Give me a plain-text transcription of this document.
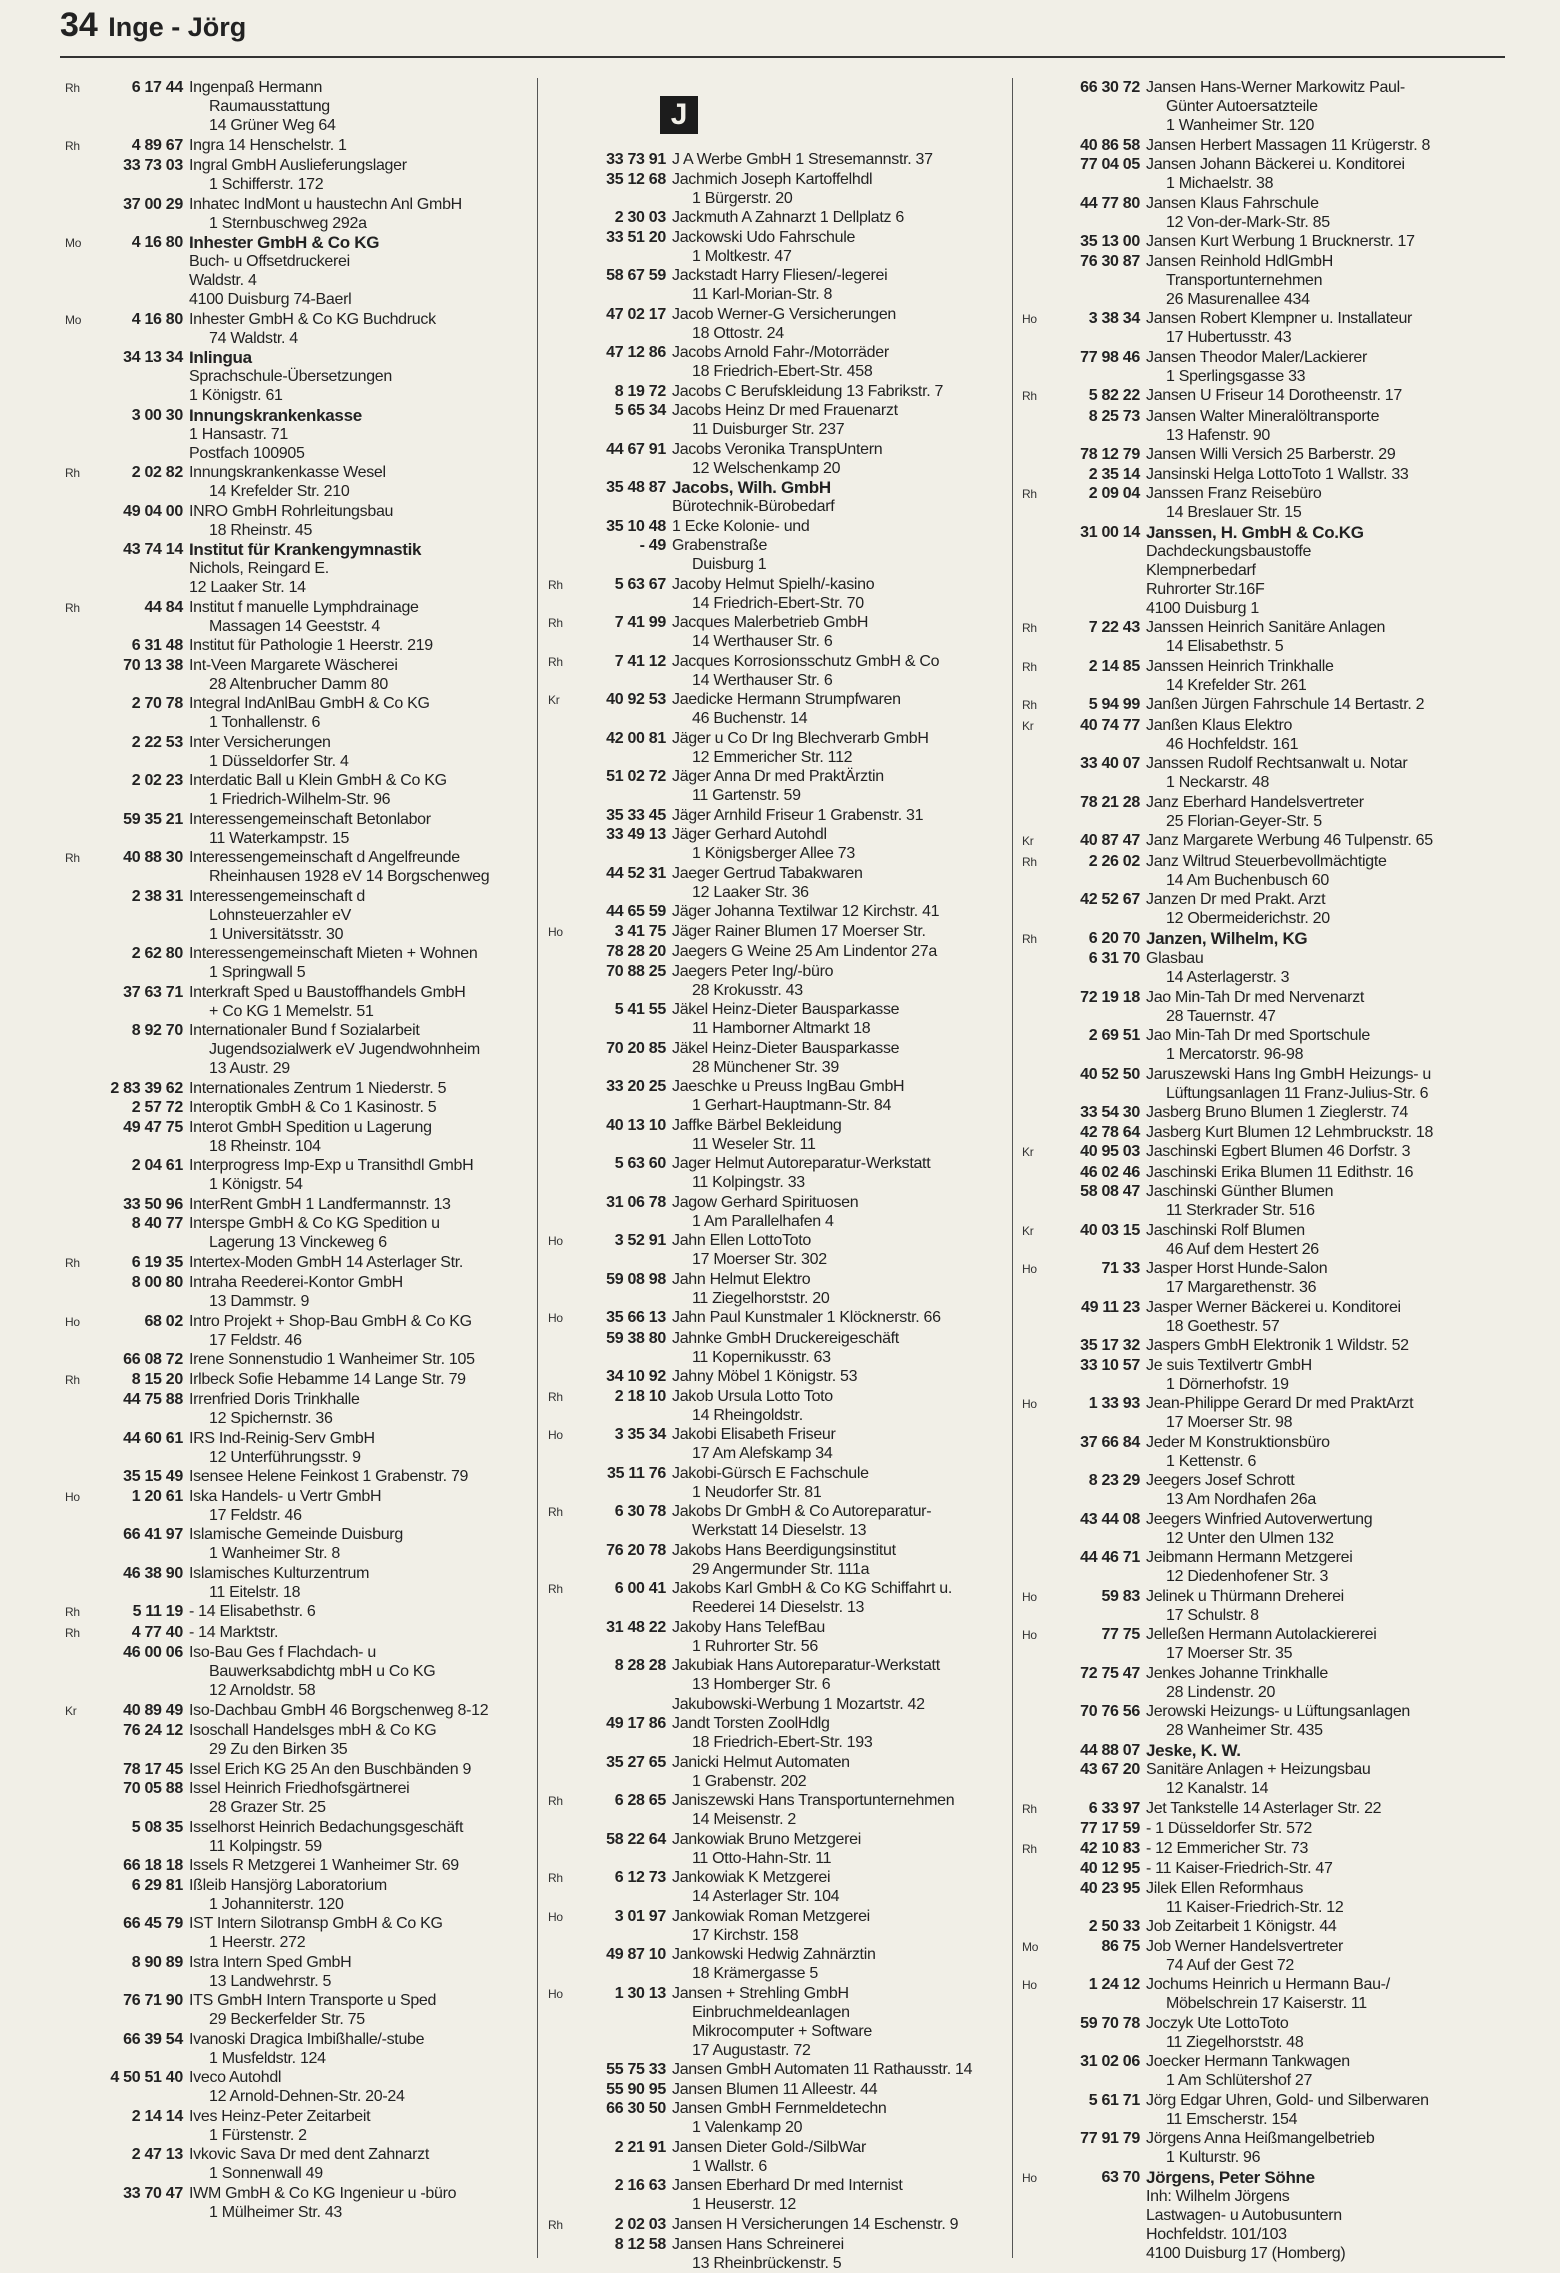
34 Inge - Jörg
Rh	6 17 44 Ingenpaß Hermann
Raumausstattung
14 Grüner Weg 64
Rh	4 89 67 Ingra 14 Henschelstr. 1
33 73 03 Ingral GmbH Auslieferungslager
1 Schifferstr. 172
37 00 29 Inhatec IndMont u haustechn Anl GmbH
1 Sternbuschweg 292a
Mo	4 16 80 Inhester GmbH & Co KG
Buch- u Offsetdruckerei
Waldstr. 4
4100 Duisburg 74-Baerl
Mo	4 16 80 Inhester GmbH & Co KG Buchdruck
74 Waldstr. 4
34 13 34 Inlingua
Sprachschule-Übersetzungen
1 Königstr. 61
3 00 30 Innungskrankenkasse
1 Hansastr. 71
Postfach 100905
Rh	2 02 82 Innungskrankenkasse Wesel
14 Krefelder Str. 210
49 04 00 INRO GmbH Rohrleitungsbau
18 Rheinstr. 45
43 74 14 Institut für Krankengymnastik
Nichols, Reingard E.
12 Laaker Str. 14
Rh	44 84 Institut f manuelle Lymphdrainage
Massagen 14 Geeststr. 4
6 31 48 Institut für Pathologie 1 Heerstr. 219
70 13 38 Int-Veen Margarete Wäscherei
28 Altenbrucher Damm 80
2 70 78 Integral IndAnlBau GmbH & Co KG
1 Tonhallenstr. 6
2 22 53 Inter Versicherungen
1 Düsseldorfer Str. 4
2 02 23 Interdatic Ball u Klein GmbH & Co KG
1 Friedrich-Wilhelm-Str. 96
59 35 21 Interessengemeinschaft Betonlabor
11 Waterkampstr. 15
Rh	40 88 30 Interessengemeinschaft d Angelfreunde
Rheinhausen 1928 eV 14 Borgschenweg
2 38 31 Interessengemeinschaft d
Lohnsteuerzahler eV
1 Universitätsstr. 30
2 62 80 Interessengemeinschaft Mieten + Wohnen
1 Springwall 5
37 63 71 Interkraft Sped u Baustoffhandels GmbH
+ Co KG 1 Memelstr. 51
8 92 70 Internationaler Bund f Sozialarbeit
Jugendsozialwerk eV Jugendwohnheim
13 Austr. 29
2 83 39 62 Internationales Zentrum 1 Niederstr. 5
2 57 72 Interoptik GmbH & Co 1 Kasinostr. 5
49 47 75 Interot GmbH Spedition u Lagerung
18 Rheinstr. 104
2 04 61 Interprogress Imp-Exp u Transithdl GmbH
1 Königstr. 54
33 50 96 InterRent GmbH 1 Landfermannstr. 13
8 40 77 Interspe GmbH & Co KG Spedition u
Lagerung 13 Vinckeweg 6
Rh	6 19 35 Intertex-Moden GmbH 14 Asterlager Str.
8 00 80 Intraha Reederei-Kontor GmbH
13 Dammstr. 9
Ho	68 02 Intro Projekt + Shop-Bau GmbH & Co KG
17 Feldstr. 46
66 08 72 Irene Sonnenstudio 1 Wanheimer Str. 105
Rh	8 15 20 Irlbeck Sofie Hebamme 14 Lange Str. 79
44 75 88 Irrenfried Doris Trinkhalle
12 Spichernstr. 36
44 60 61 IRS Ind-Reinig-Serv GmbH
12 Unterführungsstr. 9
35 15 49 Isensee Helene Feinkost 1 Grabenstr. 79
Ho	1 20 61 Iska Handels- u Vertr GmbH
17 Feldstr. 46
66 41 97 Islamische Gemeinde Duisburg
1 Wanheimer Str. 8
46 38 90 Islamisches Kulturzentrum
11 Eitelstr. 18
Rh	5 11 19 - 14 Elisabethstr. 6
Rh	4 77 40 - 14 Marktstr.
46 00 06 Iso-Bau Ges f Flachdach- u
Bauwerksabdichtg mbH u Co KG
12 Arnoldstr. 58
Kr	40 89 49 Iso-Dachbau GmbH 46 Borgschenweg 8-12
76 24 12 Isoschall Handelsges mbH & Co KG
29 Zu den Birken 35
78 17 45 Issel Erich KG 25 An den Buschbänden 9
70 05 88 Issel Heinrich Friedhofsgärtnerei
28 Grazer Str. 25
5 08 35 Isselhorst Heinrich Bedachungsgeschäft
11 Kolpingstr. 59
66 18 18 Issels R Metzgerei 1 Wanheimer Str. 69
6 29 81 Ißleib Hansjörg Laboratorium
1 Johanniterstr. 120
66 45 79 IST Intern Silotransp GmbH & Co KG
1 Heerstr. 272
8 90 89 Istra Intern Sped GmbH
13 Landwehrstr. 5
76 71 90 ITS GmbH Intern Transporte u Sped
29 Beckerfelder Str. 75
66 39 54 Ivanoski Dragica Imbißhalle/-stube
1 Musfeldstr. 124
4 50 51 40 Iveco Autohdl
12 Arnold-Dehnen-Str. 20-24
2 14 14 Ives Heinz-Peter Zeitarbeit
1 Fürstenstr. 2
2 47 13 Ivkovic Sava Dr med dent Zahnarzt
1 Sonnenwall 49
33 70 47 IWM GmbH & Co KG Ingenieur u -büro
1 Mülheimer Str. 43
J
33 73 91 J A Werbe GmbH 1 Stresemannstr. 37
35 12 68 Jachmich Joseph Kartoffelhdl
1 Bürgerstr. 20
2 30 03 Jackmuth A Zahnarzt 1 Dellplatz 6
33 51 20 Jackowski Udo Fahrschule
1 Moltkestr. 47
58 67 59 Jackstadt Harry Fliesen/-legerei
11 Karl-Morian-Str. 8
47 02 17 Jacob Werner-G Versicherungen
18 Ottostr. 24
47 12 86 Jacobs Arnold Fahr-/Motorräder
18 Friedrich-Ebert-Str. 458
8 19 72 Jacobs C Berufskleidung 13 Fabrikstr. 7
5 65 34 Jacobs Heinz Dr med Frauenarzt
11 Duisburger Str. 237
44 67 91 Jacobs Veronika TranspUntern
12 Welschenkamp 20
35 48 87 Jacobs, Wilh. GmbH
Bürotechnik-Bürobedarf
35 10 48 1 Ecke Kolonie- und
- 49 Grabenstraße
Duisburg 1
Rh	5 63 67 Jacoby Helmut Spielh/-kasino
14 Friedrich-Ebert-Str. 70
Rh	7 41 99 Jacques Malerbetrieb GmbH
14 Werthauser Str. 6
Rh	7 41 12 Jacques Korrosionsschutz GmbH & Co
14 Werthauser Str. 6
Kr	40 92 53 Jaedicke Hermann Strumpfwaren
46 Buchenstr. 14
42 00 81 Jäger u Co Dr Ing Blechverarb GmbH
12 Emmericher Str. 112
51 02 72 Jäger Anna Dr med PraktÄrztin
11 Gartenstr. 59
35 33 45 Jäger Arnhild Friseur 1 Grabenstr. 31
33 49 13 Jäger Gerhard Autohdl
1 Königsberger Allee 73
44 52 31 Jaeger Gertrud Tabakwaren
12 Laaker Str. 36
44 65 59 Jäger Johanna Textilwar 12 Kirchstr. 41
Ho	3 41 75 Jäger Rainer Blumen 17 Moerser Str.
78 28 20 Jaegers G Weine 25 Am Lindentor 27a
70 88 25 Jaegers Peter Ing/-büro
28 Krokusstr. 43
5 41 55 Jäkel Heinz-Dieter Bausparkasse
11 Hamborner Altmarkt 18
70 20 85 Jäkel Heinz-Dieter Bausparkasse
28 Münchener Str. 39
33 20 25 Jaeschke u Preuss IngBau GmbH
1 Gerhart-Hauptmann-Str. 84
40 13 10 Jaffke Bärbel Bekleidung
11 Weseler Str. 11
5 63 60 Jager Helmut Autoreparatur-Werkstatt
11 Kolpingstr. 33
31 06 78 Jagow Gerhard Spirituosen
1 Am Parallelhafen 4
Ho	3 52 91 Jahn Ellen LottoToto
17 Moerser Str. 302
59 08 98 Jahn Helmut Elektro
11 Ziegelhorststr. 20
Ho	35 66 13 Jahn Paul Kunstmaler 1 Klöcknerstr. 66
59 38 80 Jahnke GmbH Druckereigeschäft
11 Kopernikusstr. 63
34 10 92 Jahny Möbel 1 Königstr. 53
Rh	2 18 10 Jakob Ursula Lotto Toto
14 Rheingoldstr.
Ho	3 35 34 Jakobi Elisabeth Friseur
17 Am Alefskamp 34
35 11 76 Jakobi-Gürsch E Fachschule
1 Neudorfer Str. 81
Rh	6 30 78 Jakobs Dr GmbH & Co Autoreparatur-
Werkstatt 14 Dieselstr. 13
76 20 78 Jakobs Hans Beerdigungsinstitut
29 Angermunder Str. 111a
Rh	6 00 41 Jakobs Karl GmbH & Co KG Schiffahrt u.
Reederei 14 Dieselstr. 13
31 48 22 Jakoby Hans TelefBau
1 Ruhrorter Str. 56
8 28 28 Jakubiak Hans Autoreparatur-Werkstatt
13 Homberger Str. 6
Jakubowski-Werbung 1 Mozartstr. 42
49 17 86 Jandt Torsten ZoolHdlg
18 Friedrich-Ebert-Str. 193
35 27 65 Janicki Helmut Automaten
1 Grabenstr. 202
Rh	6 28 65 Janiszewski Hans Transportunternehmen
14 Meisenstr. 2
58 22 64 Jankowiak Bruno Metzgerei
11 Otto-Hahn-Str. 11
Rh	6 12 73 Jankowiak K Metzgerei
14 Asterlager Str. 104
Ho	3 01 97 Jankowiak Roman Metzgerei
17 Kirchstr. 158
49 87 10 Jankowski Hedwig Zahnärztin
18 Krämergasse 5
Ho	1 30 13 Jansen + Strehling GmbH
Einbruchmeldeanlagen
Mikrocomputer + Software
17 Augustastr. 72
55 75 33 Jansen GmbH Automaten 11 Rathausstr. 14
55 90 95 Jansen Blumen 11 Alleestr. 44
66 30 50 Jansen GmbH Fernmeldetechn
1 Valenkamp 20
2 21 91 Jansen Dieter Gold-/SilbWar
1 Wallstr. 6
2 16 63 Jansen Eberhard Dr med Internist
1 Heuserstr. 12
Rh	2 02 03 Jansen H Versicherungen 14 Eschenstr. 9
8 12 58 Jansen Hans Schreinerei
13 Rheinbrückenstr. 5
66 30 72 Jansen Hans-Werner Markowitz Paul-
Günter Autoersatzteile
1 Wanheimer Str. 120
40 86 58 Jansen Herbert Massagen 11 Krügerstr. 8
77 04 05 Jansen Johann Bäckerei u. Konditorei
1 Michaelstr. 38
44 77 80 Jansen Klaus Fahrschule
12 Von-der-Mark-Str. 85
35 13 00 Jansen Kurt Werbung 1 Brucknerstr. 17
76 30 87 Jansen Reinhold HdlGmbH
Transportunternehmen
26 Masurenallee 434
Ho	3 38 34 Jansen Robert Klempner u. Installateur
17 Hubertusstr. 43
77 98 46 Jansen Theodor Maler/Lackierer
1 Sperlingsgasse 33
Rh	5 82 22 Jansen U Friseur 14 Dorotheenstr. 17
8 25 73 Jansen Walter Mineralöltransporte
13 Hafenstr. 90
78 12 79 Jansen Willi Versich 25 Barberstr. 29
2 35 14 Jansinski Helga LottoToto 1 Wallstr. 33
Rh	2 09 04 Janssen Franz Reisebüro
14 Breslauer Str. 15
31 00 14 Janssen, H. GmbH & Co.KG
Dachdeckungsbaustoffe
Klempnerbedarf
Ruhrorter Str.16F
4100 Duisburg 1
Rh	7 22 43 Janssen Heinrich Sanitäre Anlagen
14 Elisabethstr. 5
Rh	2 14 85 Janssen Heinrich Trinkhalle
14 Krefelder Str. 261
Rh	5 94 99 Janßen Jürgen Fahrschule 14 Bertastr. 2
Kr	40 74 77 Janßen Klaus Elektro
46 Hochfeldstr. 161
33 40 07 Janssen Rudolf Rechtsanwalt u. Notar
1 Neckarstr. 48
78 21 28 Janz Eberhard Handelsvertreter
25 Florian-Geyer-Str. 5
Kr	40 87 47 Janz Margarete Werbung 46 Tulpenstr. 65
Rh	2 26 02 Janz Wiltrud Steuerbevollmächtigte
14 Am Buchenbusch 60
42 52 67 Janzen Dr med Prakt. Arzt
12 Obermeiderichstr. 20
Rh	6 20 70 Janzen, Wilhelm, KG
6 31 70 Glasbau
14 Asterlagerstr. 3
72 19 18 Jao Min-Tah Dr med Nervenarzt
28 Tauernstr. 47
2 69 51 Jao Min-Tah Dr med Sportschule
1 Mercatorstr. 96-98
40 52 50 Jaruszewski Hans Ing GmbH Heizungs- u
Lüftungsanlagen 11 Franz-Julius-Str. 6
33 54 30 Jasberg Bruno Blumen 1 Zieglerstr. 74
42 78 64 Jasberg Kurt Blumen 12 Lehmbruckstr. 18
Kr	40 95 03 Jaschinski Egbert Blumen 46 Dorfstr. 3
46 02 46 Jaschinski Erika Blumen 11 Edithstr. 16
58 08 47 Jaschinski Günther Blumen
11 Sterkrader Str. 516
Kr	40 03 15 Jaschinski Rolf Blumen
46 Auf dem Hestert 26
Ho	71 33 Jasper Horst Hunde-Salon
17 Margarethenstr. 36
49 11 23 Jasper Werner Bäckerei u. Konditorei
18 Goethestr. 57
35 17 32 Jaspers GmbH Elektronik 1 Wildstr. 52
33 10 57 Je suis Textilvertr GmbH
1 Dörnerhofstr. 19
Ho	1 33 93 Jean-Philippe Gerard Dr med PraktArzt
17 Moerser Str. 98
37 66 84 Jeder M Konstruktionsbüro
1 Kettenstr. 6
8 23 29 Jeegers Josef Schrott
13 Am Nordhafen 26a
43 44 08 Jeegers Winfried Autoverwertung
12 Unter den Ulmen 132
44 46 71 Jeibmann Hermann Metzgerei
12 Diedenhofener Str. 3
Ho	59 83 Jelinek u Thürmann Dreherei
17 Schulstr. 8
Ho	77 75 Jelleßen Hermann Autolackiererei
17 Moerser Str. 35
72 75 47 Jenkes Johanne Trinkhalle
28 Lindenstr. 20
70 76 56 Jerowski Heizungs- u Lüftungsanlagen
28 Wanheimer Str. 435
44 88 07 Jeske, K. W.
43 67 20 Sanitäre Anlagen + Heizungsbau
12 Kanalstr. 14
Rh	6 33 97 Jet Tankstelle 14 Asterlager Str. 22
77 17 59 - 1 Düsseldorfer Str. 572
Rh	42 10 83 - 12 Emmericher Str. 73
40 12 95 - 11 Kaiser-Friedrich-Str. 47
40 23 95 Jilek Ellen Reformhaus
11 Kaiser-Friedrich-Str. 12
2 50 33 Job Zeitarbeit 1 Königstr. 44
Mo	86 75 Job Werner Handelsvertreter
74 Auf der Gest 72
Ho	1 24 12 Jochums Heinrich u Hermann Bau-/
Möbelschrein 17 Kaiserstr. 11
59 70 78 Joczyk Ute LottoToto
11 Ziegelhorststr. 48
31 02 06 Joecker Hermann Tankwagen
1 Am Schlütershof 27
5 61 71 Jörg Edgar Uhren, Gold- und Silberwaren
11 Emscherstr. 154
77 91 79 Jörgens Anna Heißmangelbetrieb
1 Kulturstr. 96
Ho	63 70 Jörgens, Peter Söhne
Inh: Wilhelm Jörgens
Lastwagen- u Autobusuntern
Hochfeldstr. 101/103
4100 Duisburg 17 (Homberg)
